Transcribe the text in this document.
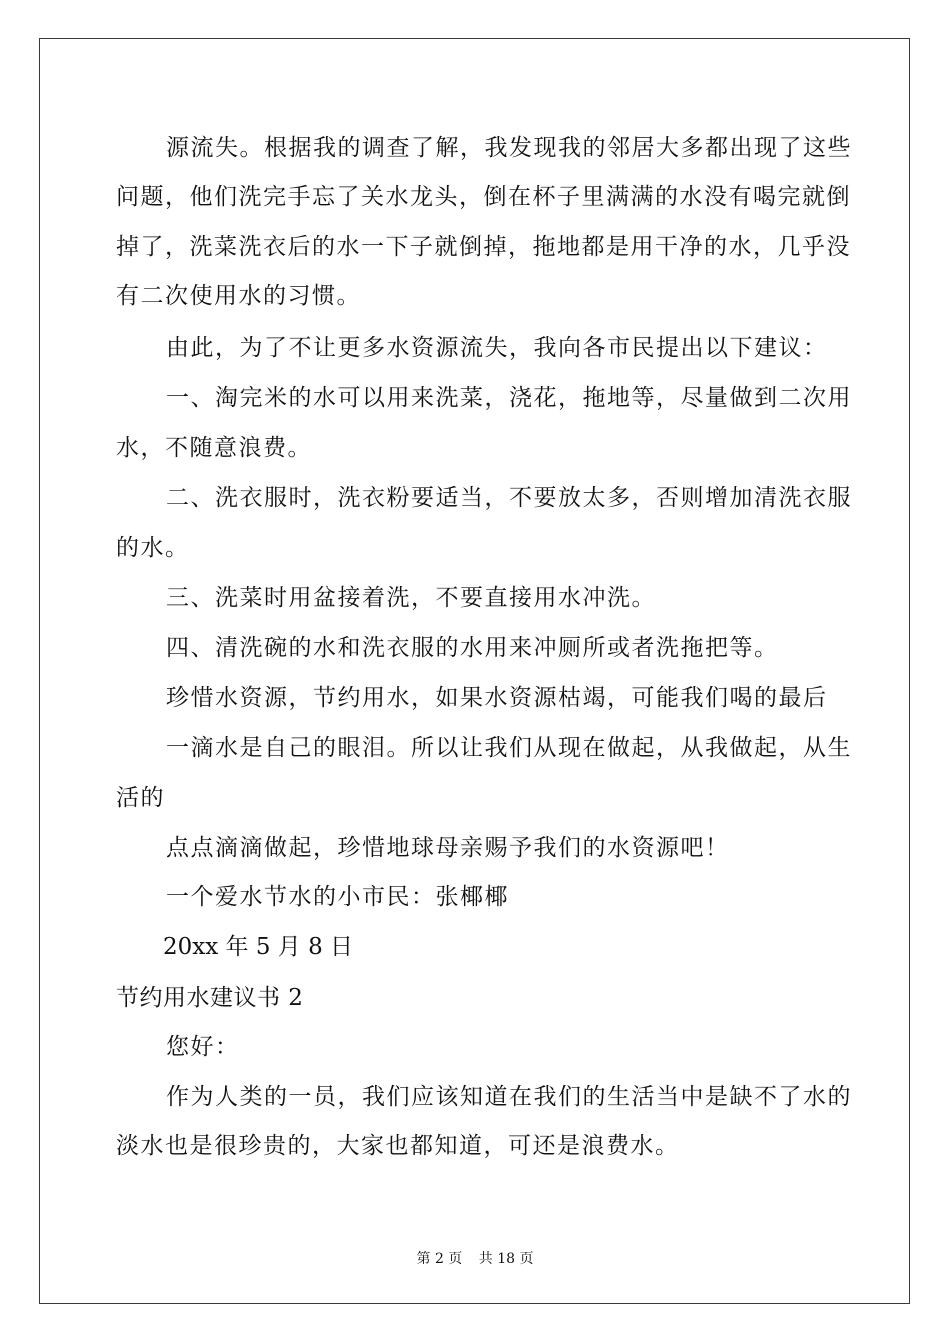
源流失。根据我的调查了解，我发现我的邻居大多都出现了这些
问题，他们洗完手忘了关水龙头，倒在杯子里满满的水没有喝完就倒
掉了，洗菜洗衣后的水一下子就倒掉，拖地都是用干净的水，几乎没
有二次使用水的习惯。
由此，为了不让更多水资源流失，我向各市民提出以下建议：
一、淘完米的水可以用来洗菜，浇花，拖地等，尽量做到二次用
水，不随意浪费。
二、洗衣服时，洗衣粉要适当，不要放太多，否则增加清洗衣服
的水。
三、洗菜时用盆接着洗，不要直接用水冲洗。
四、清洗碗的水和洗衣服的水用来冲厕所或者洗拖把等。
珍惜水资源，节约用水，如果水资源枯竭，可能我们喝的最后
一滴水是自己的眼泪。所以让我们从现在做起，从我做起，从生
活的
点点滴滴做起，珍惜地球母亲赐予我们的水资源吧！
一个爱水节水的小市民：张椰椰
20xx 年 5 月 8 日
节约用水建议书 2
您好：
作为人类的一员，我们应该知道在我们的生活当中是缺不了水的
淡水也是很珍贵的，大家也都知道，可还是浪费水。
第 2 页 共 18 页
